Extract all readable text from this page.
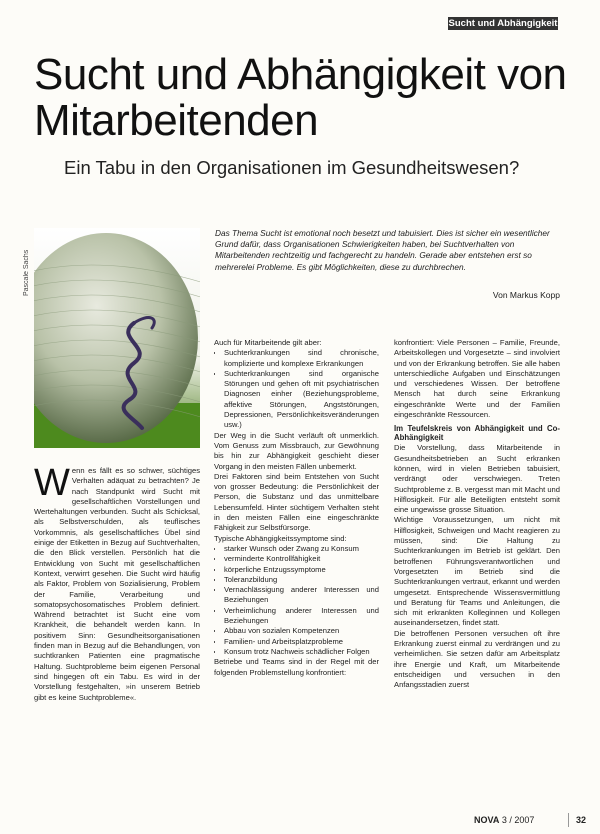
Sucht und Abhängigkeit
Sucht und Abhängigkeit von Mitarbeitenden
Ein Tabu in den Organisationen im Gesundheitswesen?
Pascale Sachs
Das Thema Sucht ist emotional noch besetzt und tabuisiert. Dies ist sicher ein wesentlicher Grund dafür, dass Organisationen Schwierigkeiten haben, bei Suchtverhalten von Mitarbeitenden rechtzeitig und fachgerecht zu handeln. Gerade aber entstehen erst so mehrerelei Probleme. Es gibt Möglichkeiten, diese zu durchbrechen.
Von Markus Kopp

Wenn es fällt es so schwer, süchtiges Verhalten adäquat zu betrachten? Je nach Standpunkt wird Sucht mit gesellschaftlichen Vorstellungen und Wertehaltungen verbunden. Sucht als Schicksal, als Selbstverschulden, als teuflisches Vorkommnis, als gesellschaftliches Übel sind einige der Etiketten in Bezug auf Suchtverhalten, die den Blick verstellen. Persönlich hat die Entwicklung von Sucht mit gesellschaftlichen Kontext, verwirrt gesehen. Die Sucht wird häufig als Faktor, Problem von Sozialisierung, Problem der Familie, Verarbeitung und somatopsychosomatisches Problem definiert. Während betrachtet ist Sucht eine vom Krankheit, die behandelt werden kann. In positivem Sinn: Gesundheitsorganisationen finden man in Bezug auf die Behandlungen, von suchtkranken Patienten eine pragmatische Haltung. Suchtprobleme beim eigenen Personal sind hingegen oft ein Tabu. Es wird in der Vorstellung festgehalten, »in unserem Betrieb gibt es keine Suchtprobleme«.

Auch für Mitarbeitende gilt aber:

• Suchterkrankungen sind chronische, komplizierte und komplexe Erkrankungen
• Suchterkrankungen sind organische Störungen und gehen oft mit psychiatrischen Diagnosen einher (Beziehungsprobleme, affektive Störungen, Angststörungen, Depressionen, Persönlichkeitsveränderungen usw.)

Der Weg in die Sucht verläuft oft unmerklich. Vom Genuss zum Missbrauch, zur Gewöhnung bis hin zur Abhängigkeit geschieht dieser Vorgang in den meisten Fällen unbemerkt.

Drei Faktoren sind beim Entstehen von Sucht von grosser Bedeutung: die Persönlichkeit der Person, die Substanz und das unmittelbare Lebensumfeld. Hinter süchtigem Verhalten steht in den meisten Fällen eine eingeschränkte Fähigkeit zur Selbstfürsorge.

Typische Abhängigkeitssymptome sind:

• starker Wunsch oder Zwang zu Konsum
• verminderte Kontrollfähigkeit
• körperliche Entzugssymptome
• Toleranzbildung
• Vernachlässigung anderer Interessen und Beziehungen
• Verheimlichung anderer Interessen und Beziehungen
• Abbau von sozialen Kompetenzen
• Familien- und Arbeitsplatzprobleme
• Konsum trotz Nachweis schädlicher Folgen

Betriebe und Teams sind in der Regel mit der folgenden Problemstellung konfrontiert:

konfrontiert: Viele Personen – Familie, Freunde, Arbeitskollegen und Vorgesetzte – sind involviert und von der Erkrankung betroffen. Sie alle haben unterschiedliche Aufgaben und Einschätzungen und verschiedenes Wissen. Der betroffene Mensch hat durch seine Erkrankung eingeschränkte Werte und der Familien eingeschränkte Ressourcen.

Im Teufelskreis von Abhängigkeit und Co-Abhängigkeit

Die Vorstellung, dass Mitarbeitende in Gesundheitsbetrieben an Sucht erkranken können, wird in vielen Betrieben tabuisiert, verdrängt oder verschwiegen. Treten Suchtprobleme z. B. vergesst man mit Macht und Hilflosigkeit. Für alle Beteiligten entsteht somit eine ungewisse grosse Situation.

Wichtige Voraussetzungen, um nicht mit Hilflosigkeit, Schweigen und Macht reagieren zu müssen, sind: Die Haltung zu Suchterkrankungen im Betrieb ist geklärt. Den betroffenen Führungsverantwortlichen und Vorgesetzten im Betrieb sind die Suchterkrankungen vertraut, erkannt und werden umgesetzt. Entsprechende Wissensvermittlung und Beratung für Teams und Anleitungen, die sich mit erkrankten Kolleginnen und Kollegen auseinandersetzen, findet statt.

Die betroffenen Personen versuchen oft ihre Erkrankung zuerst einmal zu verdrängen und zu verheimlichen. Sie setzen dafür am Arbeitsplatz ihre Energie und Kraft, um Mitarbeitende entscheidigen und versuchen in den Anfangsstadien zuerst

NOVA 3 / 2007	32
